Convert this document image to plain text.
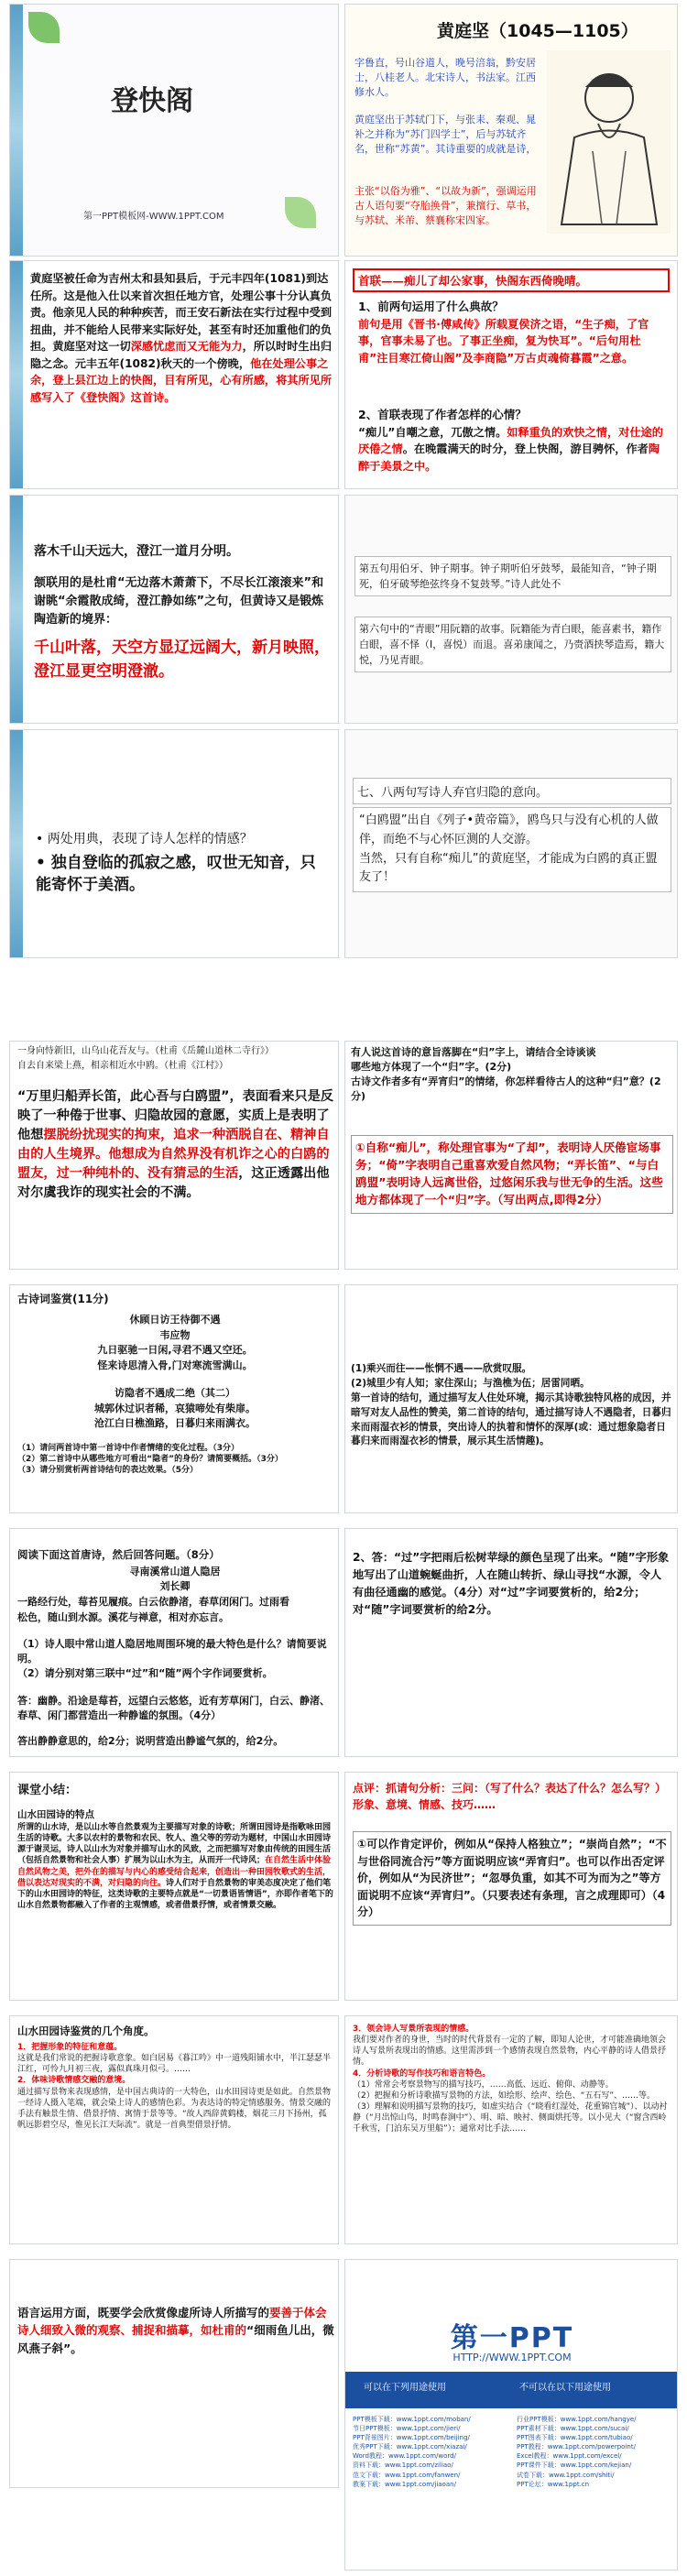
登快阁
第一PPT模板网-WWW.1PPT.COM
黄庭坚（1045—1105）
字鲁直，号山谷道人，晚号涪翁，黔安居士，八桂老人。北宋诗人，书法家。江西修水人。
黄庭坚出于苏轼门下，与张耒、秦观、晁补之并称为“苏门四学士”，后与苏轼齐名，世称“苏黄”。其诗重要的成就是诗，
主张“以俗为雅”、“以故为新”，强调运用古人语句要“夺胎换骨”，兼擅行、草书，与苏轼、米芾、蔡襄称宋四家。
黄庭坚被任命为吉州太和县知县后，于元丰四年(1081)到达任所。这是他入仕以来首次担任地方官，处理公事十分认真负责。他亲见人民的种种疾苦，而王安石新法在实行过程中受到扭曲，并不能给人民带来实际好处，甚至有时还加重他们的负担。黄庭坚对这一切深感忧虑而又无能为力，所以时时生出归隐之念。元丰五年(1082)秋天的一个傍晚，他在处理公事之余，登上县江边上的快阁，目有所见，心有所感，将其所见所感写入了《登快阁》这首诗。
首联——痴儿了却公家事，快阁东西倚晚晴。
1、前两句运用了什么典故？
前句是用《晋书·傅咸传》所载夏侯济之语，“生子痴，了官事，官事未易了也。了事正坐痴，复为快耳”。“后句用杜甫”注目寒江倚山阁”及李商隐”万古贞魂倚暮霞”之意。
2、首联表现了作者怎样的心情？
“痴儿”自嘲之意，兀傲之情。如释重负的欢快之情，对仕途的厌倦之情。在晚霞满天的时分，登上快阁，游目骋怀，作者陶醉于美景之中。
落木千山天远大，澄江一道月分明。
颔联用的是杜甫“无边落木萧萧下，不尽长江滚滚来”和谢眺“余霞散成绮，澄江静如练”之句，但黄诗又是锻炼陶造新的境界：
千山叶落，天空方显辽远阔大，新月映照，澄江显更空明澄澈。
第五句用伯牙、钟子期事。钟子期听伯牙鼓琴，最能知音，“钟子期死，伯牙破琴绝弦终身不复鼓琴。”诗人此处不
第六句中的“青眼”用阮籍的故事。阮籍能为青白眼，能喜素书，籍作白眼，喜不怿（I，喜悦）而退。喜弟康闻之，乃赍酒挟琴造焉，籍大悦，乃见青眼。
• 两处用典，表现了诗人怎样的情感？
• 独自登临的孤寂之感，叹世无知音，只能寄怀于美酒。
七、八两句写诗人弃官归隐的意向。
“白鸥盟”出自《列子•黄帝篇》，鸥鸟只与没有心机的人做伴，而绝不与心怀叵测的人交游。
当然，只有自称“痴儿”的黄庭坚，才能成为白鸥的真正盟友了！
一身向恃新旧，山乌山花吾友与。（杜甫《岳麓山道林二寺行》）
自去自来梁上燕，相亲相近水中鸥。（杜甫《江村》）
“万里归船弄长笛，此心吾与白鸥盟”，表面看来只是反映了一种倦于世事、归隐故园的意愿，实质上是表明了他想摆脱纷扰现实的拘束，追求一种洒脱自在、精神自由的人生境界。他想成为自然界没有机诈之心的白鸥的盟友，过一种纯朴的、没有猜忌的生活，这正透露出他对尔虞我诈的现实社会的不满。
有人说这首诗的意旨落脚在“归”字上，请结合全诗谈谈
哪些地方体现了一个“归”字。(2分)
古诗文作者多有“弄宵归”的情绪，你怎样看待古人的这种“归”意？(2分)
①自称“痴儿”，称处理官事为“了却”，表明诗人厌倦宦场事务；“倚”字表明自己重喜欢爱自然风物；“弄长笛”、“与白鸥盟”表明诗人远离世俗，过悠闲乐我与世无争的生活。这些地方都体现了一个“归”字。（写出两点,即得2分）
古诗词鉴赏(11分)
休顾日访王待御不遇
韦应物
九日驱驰一日闲,寻君不遇又空还。
怪来诗思清入骨,门对寒流雪满山。
访隐者不遇成二绝（其二）
城郭休过识者稀，哀猿啼处有柴扉。
沧江白日樵渔路，日暮归来雨满衣。
（1）请问两首诗中第一首诗中作者情绪的变化过程。（3分）
（2）第二首诗中从哪些地方可看出“隐者”的身份？请简要概括。（3分）
（3）请分别赏析两首诗结句的表达效果。（5分）
(1)乘兴而往——怅惘不遇——欣赏叹服。
(2)城里少有人知；家住深山；与渔樵为伍；居雷同晒。
第一首诗的结句，通过描写友人住处环境，揭示其诗歌独特风格的成因，并暗写对友人品性的赞美，第二首诗的结句，通过描写诗人不遇隐者，日暮归来而雨湿衣衫的情景，突出诗人的执着和情怀的深厚(或：通过想象隐者日暮归来而雨湿衣衫的情景，展示其生活情趣)。
阅读下面这首唐诗，然后回答问题。（8分）
寻南溪常山道人隐居
刘长卿
一路经行处，莓苔见履痕。白云依静渚，春草闭闲门。过雨看松色，随山到水源。溪花与禅意，相对亦忘言。
（1）诗人眼中常山道人隐居地周围环境的最大特色是什么？请简要说明。
（2）请分别对第三联中“过”和“随”两个字作词要赏析。
答：幽静。沿途是莓苔，远望白云悠悠，近有芳草闲门，白云、静渚、春草、闲门都营造出一种静谧的氛围。（4分）
答出静静意思的，给2分；说明营造出静谧气氛的，给2分。
2、答：“过”字把雨后松树苹绿的颜色呈现了出来。“随”字形象地写出了山道蜿蜒曲折，人在随山转折、绿山寻找“水源，令人有曲径通幽的感觉。（4分）对“过”字词要赏析的，给2分；对“随”字词要赏析的给2分。
课堂小结：
山水田园诗的特点
所谓的山水诗，是以山水等自然景观为主要描写对象的诗歌；所谓田园诗是指歌咏田园生活的诗歌。大多以农村的景物和农民、牧人、渔父等的劳动为题材，中国山水田园诗源于谢灵运，诗人以山水为对象并描写山水的风致，之而把描写对象由传统的田园生活（包括自然景物和社会人事）扩展为以山水为主，从而开一代诗风；在自然生活中体验自然风物之美，把外在的描写与内心的感受结合起来，创造出一种田园牧歌式的生活，借以表达对现实的不满，对归隐的向往。诗人们对于自然景物的审美态度决定了他们笔下的山水田园诗的特征，这类诗歌的主要特点就是“一切景语皆情语”，亦即作者笔下的山水自然景物都融入了作者的主观情感，或者借景抒情，或者情景交融。
点评：抓请句分析：三问：（写了什么？表达了什么？怎么写？）形象、意境、情感、技巧……
①可以作肯定评价，例如从“保持人格独立”；“崇尚自然”；“不与世俗同流合污”等方面说明应该“弄宵归”。也可以作出否定评价，例如从“为民济世”；“忽辱负重，如其不可为而为之”等方面说明不应该“弄宵归”。（只要表述有条理，言之成理即可）（4分）
山水田园诗鉴赏的几个角度。
1．把握形象的特征和意蕴。
这就是我们常说的把握诗歌意象。如白居易《暮江吟》中一道残阳铺水中，半江瑟瑟半江红，可怜九月初三夜，露似真珠月似弓。……
2．体味诗歌情感交融的意境。
通过描写景物来表现感情，是中国古典诗的一大特色，山水田园诗更是如此。自然景物一经诗人摄入笔端，就会染上诗人的感情色彩。为表达诗的特定情感服务。情景交融的手法有触景生情、借景抒情、寓情于景等等。“故人西辞黄鹤楼，烟花三月下扬州，孤帆远影碧空尽，惟见长江天际流”。就是一首典型借景抒情。
3．领会诗人写景所表现的情感。
我们要对作者的身世，当时的时代背景有一定的了解，即知人论世，才可能准确地领会诗人写景所表现出的情感。这里需涉到一个感情表现自然景物，内心平静的诗人借景抒情。
4．分析诗歌的写作技巧和语言特色。
（1）常常会考察景物写的描写技巧，……高低、远近、俯仰、动静等。
（2）把握和分析诗歌描写景物的方法，如绘形、绘声、绘色、“五石写”、……等。
（3）理解和说明描写景物的技巧，如虚实结合（“晓看红湿处，花重锦官城”）、以动衬静（“月出惊山鸟，时鸣春涧中”）、明、暗、映衬、侧面烘托等。以小见大（“窗含西岭千秋雪，门泊东吴万里船”）；通常对比手法……
语言运用方面，既要学会欣赏像虚所诗人所描写的要善于体会诗人细致入微的观察、捕捉和描摹，如杜甫的“细雨鱼儿出，微风燕子斜”。	第一PPT
HTTP://WWW.1PPT.COM
可以在下列用途使用	不可以在以下用途使用
PPT模板下载：www.1ppt.com/moban/	行业PPT模板：www.1ppt.com/hangye/
节日PPT模板：www.1ppt.com/jieri/	PPT素材下载：www.1ppt.com/sucai/
PPT背景图片：www.1ppt.com/beijing/	PPT图表下载：www.1ppt.com/tubiao/
优秀PPT下载：www.1ppt.com/xiazai/	PPT教程：www.1ppt.com/powerpoint/
Word教程：www.1ppt.com/word/	Excel教程：www.1ppt.com/excel/
资料下载：www.1ppt.com/ziliao/	PPT课件下载：www.1ppt.com/kejian/
范文下载：www.1ppt.com/fanwen/	试卷下载：www.1ppt.com/shiti/
教案下载：www.1ppt.com/jiaoan/	PPT论坛：www.1ppt.cn
